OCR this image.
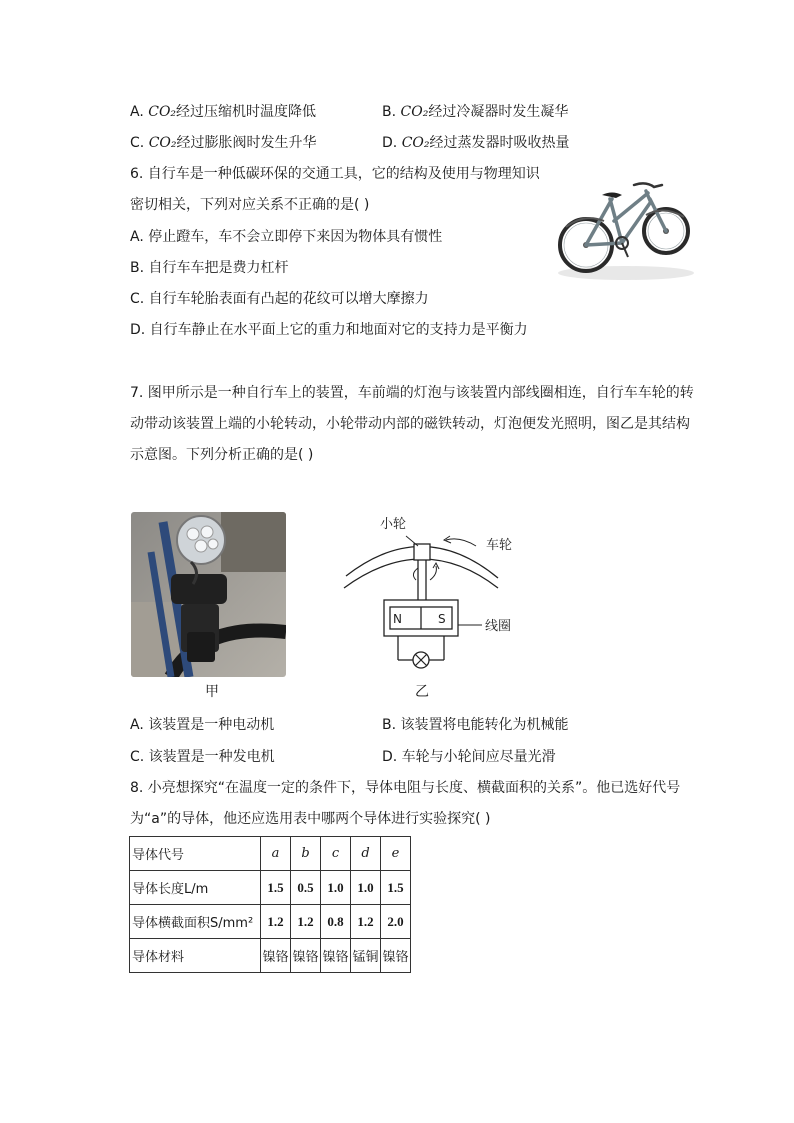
A. CO₂经过压缩机时温度降低	B. CO₂经过冷凝器时发生凝华
C. CO₂经过膨胀阀时发生升华	D. CO₂经过蒸发器时吸收热量
6. 自行车是一种低碳环保的交通工具，它的结构及使用与物理知识
密切相关，下列对应关系不正确的是( )
A. 停止蹬车，车不会立即停下来因为物体具有惯性
B. 自行车车把是费力杠杆
C. 自行车轮胎表面有凸起的花纹可以增大摩擦力
D. 自行车静止在水平面上它的重力和地面对它的支持力是平衡力
7. 图甲所示是一种自行车上的装置，车前端的灯泡与该装置内部线圈相连，自行车车轮的转
动带动该装置上端的小轮转动，小轮带动内部的磁铁转动，灯泡便发光照明，图乙是其结构
示意图。下列分析正确的是( )
甲
N	S
小轮
车轮
线圈
乙
A. 该装置是一种电动机	B. 该装置将电能转化为机械能
C. 该装置是一种发电机	D. 车轮与小轮间应尽量光滑
8. 小亮想探究“在温度一定的条件下，导体电阻与长度、横截面积的关系”。他已选好代号
为“a”的导体，他还应选用表中哪两个导体进行实验探究( )
导体代号	a	b	c	d	e
导体长度L/m	1.5	0.5	1.0	1.0	1.5
导体横截面积S/mm²	1.2	1.2	0.8	1.2	2.0
导体材料	镍铬	镍铬	镍铬	锰铜	镍铬
